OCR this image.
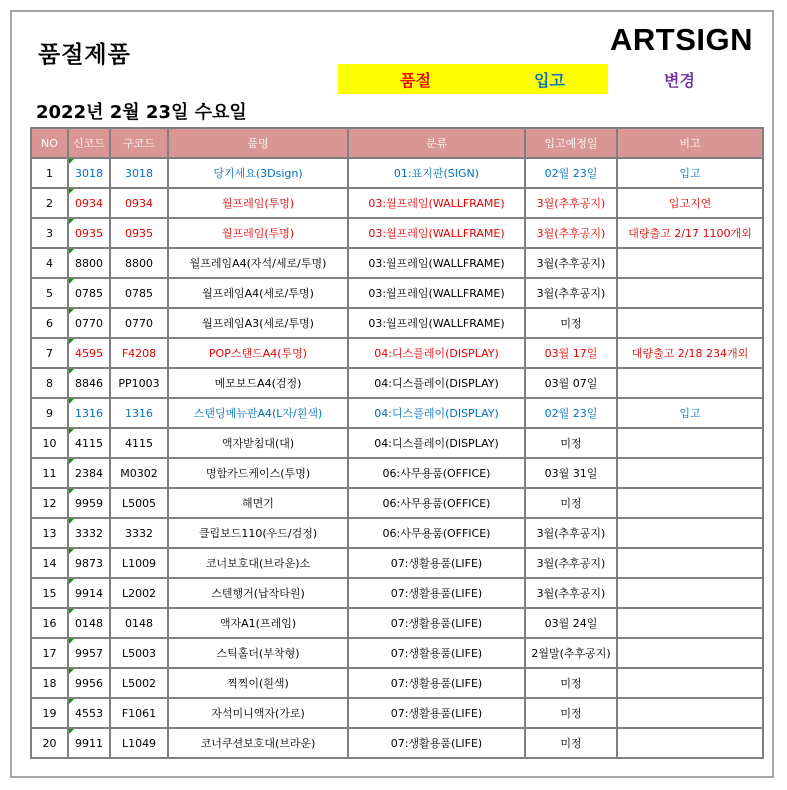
품절제품	ARTSIGN
품절	입고	변경
2022년 2월 23일 수요일
NO	신코드	구코드	품명	분류	입고예정일	비고
1	3018	3018	당기세요(3Dsign)	01:표지판(SIGN)	02월 23일	입고
2	0934	0934	월프레임(투명)	03:월프레임(WALLFRAME)	3월(추후공지)	입고지연
3	0935	0935	월프레임(투명)	03:월프레임(WALLFRAME)	3월(추후공지)	대량출고 2/17 1100개외
4	8800	8800	월프레임A4(자석/세로/투명)	03:월프레임(WALLFRAME)	3월(추후공지)	
5	0785	0785	월프레임A4(세로/투명)	03:월프레임(WALLFRAME)	3월(추후공지)	
6	0770	0770	월프레임A3(세로/투명)	03:월프레임(WALLFRAME)	미정	
7	4595	F4208	POP스탠드A4(투명)	04:디스플레이(DISPLAY)	03월 17일	대량출고 2/18 234개외
8	8846	PP1003	메모보드A4(검정)	04:디스플레이(DISPLAY)	03월 07일	
9	1316	1316	스탠딩메뉴판A4(L자/흰색)	04:디스플레이(DISPLAY)	02월 23일	입고
10	4115	4115	액자받침대(대)	04:디스플레이(DISPLAY)	미정	
11	2384	M0302	명함카드케이스(투명)	06:사무용품(OFFICE)	03월 31일	
12	9959	L5005	해면기	06:사무용품(OFFICE)	미정	
13	3332	3332	클립보드110(우드/검정)	06:사무용품(OFFICE)	3월(추후공지)	
14	9873	L1009	코너보호대(브라운)소	07:생활용품(LIFE)	3월(추후공지)	
15	9914	L2002	스텐행거(납작타원)	07:생활용품(LIFE)	3월(추후공지)	
16	0148	0148	액자A1(프레임)	07:생활용품(LIFE)	03월 24일	
17	9957	L5003	스틱홀더(부착형)	07:생활용품(LIFE)	2월말(추후공지)	
18	9956	L5002	찍찍이(흰색)	07:생활용품(LIFE)	미정	
19	4553	F1061	자석미니액자(가로)	07:생활용품(LIFE)	미정	
20	9911	L1049	코너쿠션보호대(브라운)	07:생활용품(LIFE)	미정	
